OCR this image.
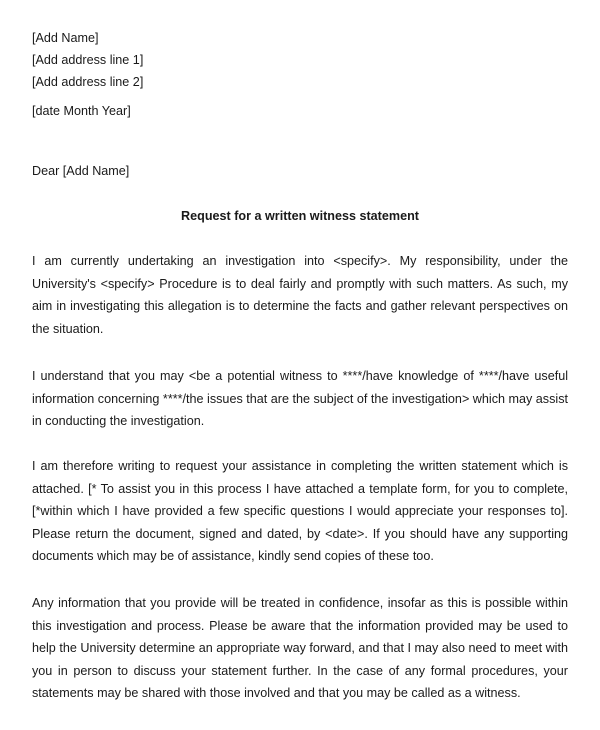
[Add Name]
[Add address line 1]
[Add address line 2]
[date Month Year]
Dear [Add Name]
Request for a written witness statement

I am currently undertaking an investigation into <specify>. My responsibility, under the University's <specify> Procedure is to deal fairly and promptly with such matters. As such, my aim in investigating this allegation is to determine the facts and gather relevant perspectives on the situation.

I understand that you may <be a potential witness to ****/have knowledge of ****/have useful information concerning ****/the issues that are the subject of the investigation> which may assist in conducting the investigation.

I am therefore writing to request your assistance in completing the written statement which is attached. [* To assist you in this process I have attached a template form, for you to complete, [*within which I have provided a few specific questions I would appreciate your responses to]. Please return the document, signed and dated, by <date>. If you should have any supporting documents which may be of assistance, kindly send copies of these too.

Any information that you provide will be treated in confidence, insofar as this is possible within this investigation and process. Please be aware that the information provided may be used to help the University determine an appropriate way forward, and that I may also need to meet with you in person to discuss your statement further. In the case of any formal procedures, your statements may be shared with those involved and that you may be called as a witness.
